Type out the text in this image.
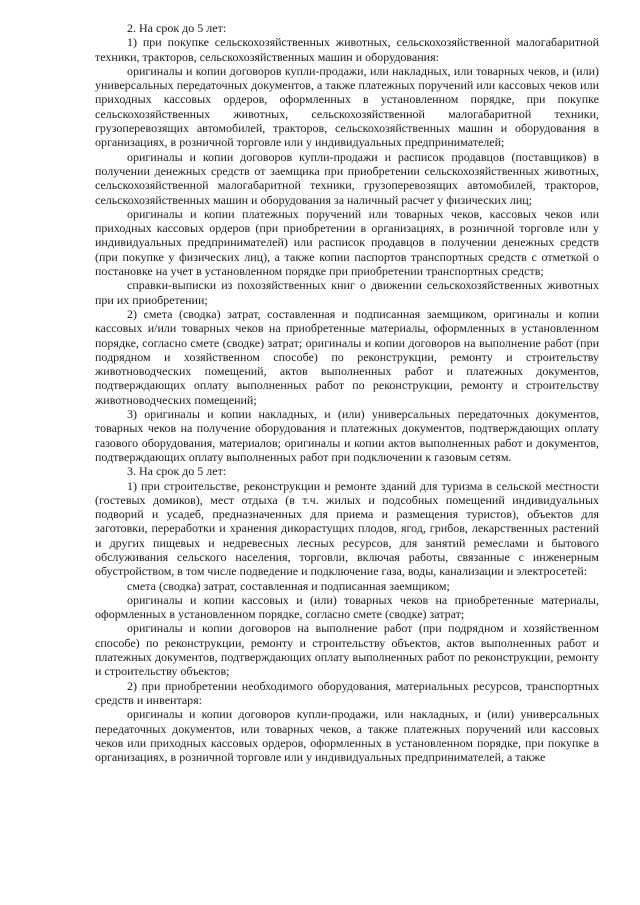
2. На срок до 5 лет:

1) при покупке сельскохозяйственных животных, сельскохозяйственной малогабаритной техники, тракторов, сельскохозяйственных машин и оборудования:

оригиналы и копии договоров купли-продажи, или накладных, или товарных чеков, и (или) универсальных передаточных документов, а также платежных поручений или кассовых чеков или приходных кассовых ордеров, оформленных в установленном порядке, при покупке сельскохозяйственных животных, сельскохозяйственной малогабаритной техники, грузоперевозящих автомобилей, тракторов, сельскохозяйственных машин и оборудования в организациях, в розничной торговле или у индивидуальных предпринимателей;

оригиналы и копии договоров купли-продажи и расписок продавцов (поставщиков) в получении денежных средств от заемщика при приобретении сельскохозяйственных животных, сельскохозяйственной малогабаритной техники, грузоперевозящих автомобилей, тракторов, сельскохозяйственных машин и оборудования за наличный расчет у физических лиц;

оригиналы и копии платежных поручений или товарных чеков, кассовых чеков или приходных кассовых ордеров (при приобретении в организациях, в розничной торговле или у индивидуальных предпринимателей) или расписок продавцов в получении денежных средств (при покупке у физических лиц), а также копии паспортов транспортных средств с отметкой о постановке на учет в установленном порядке при приобретении транспортных средств;

справки-выписки из похозяйственных книг о движении сельскохозяйственных животных при их приобретении;

2) смета (сводка) затрат, составленная и подписанная заемщиком, оригиналы и копии кассовых и/или товарных чеков на приобретенные материалы, оформленных в установленном порядке, согласно смете (сводке) затрат; оригиналы и копии договоров на выполнение работ (при подрядном и хозяйственном способе) по реконструкции, ремонту и строительству животноводческих помещений, актов выполненных работ и платежных документов, подтверждающих оплату выполненных работ по реконструкции, ремонту и строительству животноводческих помещений;

3) оригиналы и копии накладных, и (или) универсальных передаточных документов, товарных чеков на получение оборудования и платежных документов, подтверждающих оплату газового оборудования, материалов; оригиналы и копии актов выполненных работ и документов, подтверждающих оплату выполненных работ при подключении к газовым сетям.

3. На срок до 5 лет:

1) при строительстве, реконструкции и ремонте зданий для туризма в сельской местности (гостевых домиков), мест отдыха (в т.ч. жилых и подсобных помещений индивидуальных подворий и усадеб, предназначенных для приема и размещения туристов), объектов для заготовки, переработки и хранения дикорастущих плодов, ягод, грибов, лекарственных растений и других пищевых и недревесных лесных ресурсов, для занятий ремеслами и бытового обслуживания сельского населения, торговли, включая работы, связанные с инженерным обустройством, в том числе подведение и подключение газа, воды, канализации и электросетей:

смета (сводка) затрат, составленная и подписанная заемщиком;

оригиналы и копии кассовых и (или) товарных чеков на приобретенные материалы, оформленных в установленном порядке, согласно смете (сводке) затрат;

оригиналы и копии договоров на выполнение работ (при подрядном и хозяйственном способе) по реконструкции, ремонту и строительству объектов, актов выполненных работ и платежных документов, подтверждающих оплату выполненных работ по реконструкции, ремонту и строительству объектов;

2) при приобретении необходимого оборудования, материальных ресурсов, транспортных средств и инвентаря:

оригиналы и копии договоров купли-продажи, или накладных, и (или) универсальных передаточных документов, или товарных чеков, а также платежных поручений или кассовых чеков или приходных кассовых ордеров, оформленных в установленном порядке, при покупке в организациях, в розничной торговле или у индивидуальных предпринимателей, а также
